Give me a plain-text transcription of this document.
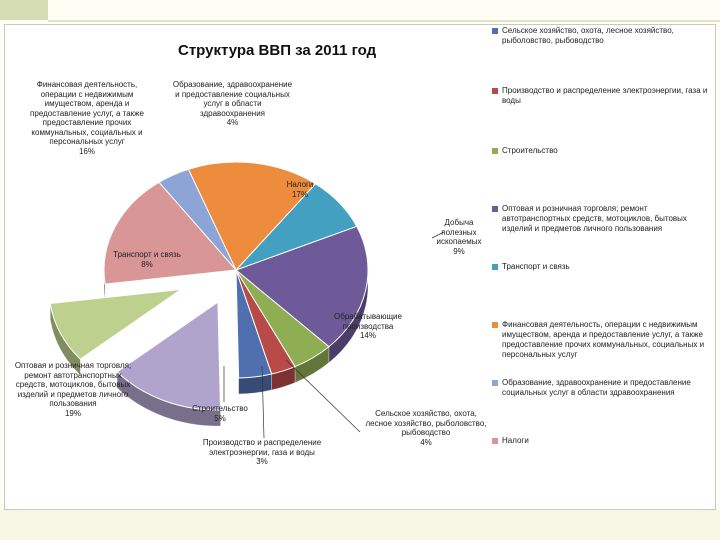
Структура ВВП за 2011 год
Сельское хозяйство, охота,
лесное хозяйство, рыболовство,
рыбоводство
4%
Производство и распределение
электроэнергии, газа и воды
3%
Строительство
5%
Оптовая и розничная торговля;
ремонт автотранспортных
средств, мотоциклов, бытовых
изделий и предметов личного
пользования
19%
Транспорт и связь
8%
Финансовая деятельность,
операции с недвижимым
имуществом, аренда и
предоставление услуг, а также
предоставление прочих
коммунальных, социальных и
персональных услуг
16%
Образование, здравоохранение
и предоставление социальных
услуг в области
здравоохранения
4%
Налоги
17%
Добыча
полезных
ископаемых
9%
Обрабатывающие
производства
14%
Сельское хозяйство, охота, лесное хозяйство, рыболовство, рыбоводство
Производство и распределение электроэнергии, газа и воды
Строительство
Оптовая и розничная торговля; ремонт автотранспортных средств, мотоциклов, бытовых изделий и предметов личного пользования
Транспорт и связь
Финансовая деятельность, операции с недвижимым имуществом, аренда и предоставление услуг, а также предоставление прочих коммунальных, социальных и персональных услуг
Образование, здравоохранение и предоставление социальных услуг в области здравоохранения
Налоги
